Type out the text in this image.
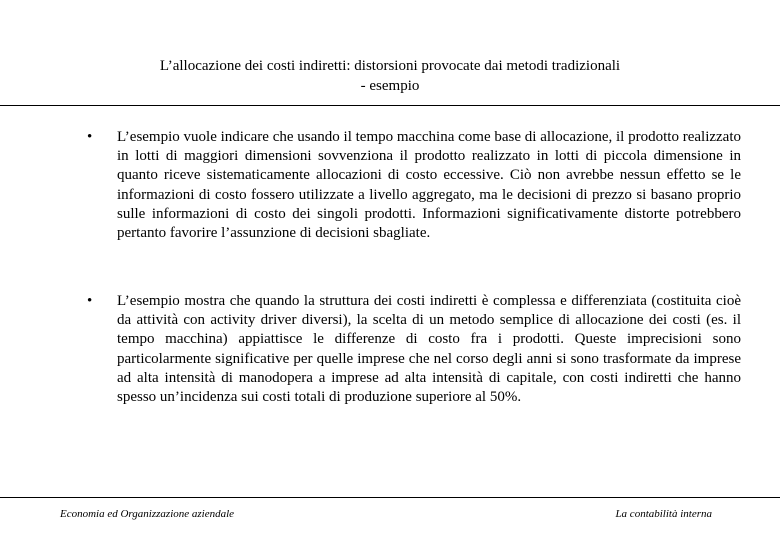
L’allocazione dei costi indiretti: distorsioni provocate dai metodi tradizionali
- esempio
• L’esempio vuole indicare che usando il tempo macchina come base di allocazione, il prodotto realizzato in lotti di maggiori dimensioni sovvenziona il prodotto realizzato in lotti di piccola dimensione in quanto riceve sistematicamente allocazioni di costo eccessive. Ciò non avrebbe nessun effetto se le informazioni di costo fossero utilizzate a livello aggregato, ma le decisioni di prezzo si basano proprio sulle informazioni di costo dei singoli prodotti. Informazioni significativamente distorte potrebbero pertanto favorire l’assunzione di decisioni sbagliate.
• L’esempio mostra che quando la struttura dei costi indiretti è complessa e differenziata (costituita cioè da attività con activity driver diversi), la scelta di un metodo semplice di allocazione dei costi (es. il tempo macchina) appiattisce le differenze di costo fra i prodotti. Queste imprecisioni sono particolarmente significative per quelle imprese che nel corso degli anni si sono trasformate da imprese ad alta intensità di manodopera a imprese ad alta intensità di capitale, con costi indiretti che hanno spesso un’incidenza sui costi totali di produzione superiore al 50%.
Economia ed Organizzazione aziendale	La contabilità interna
